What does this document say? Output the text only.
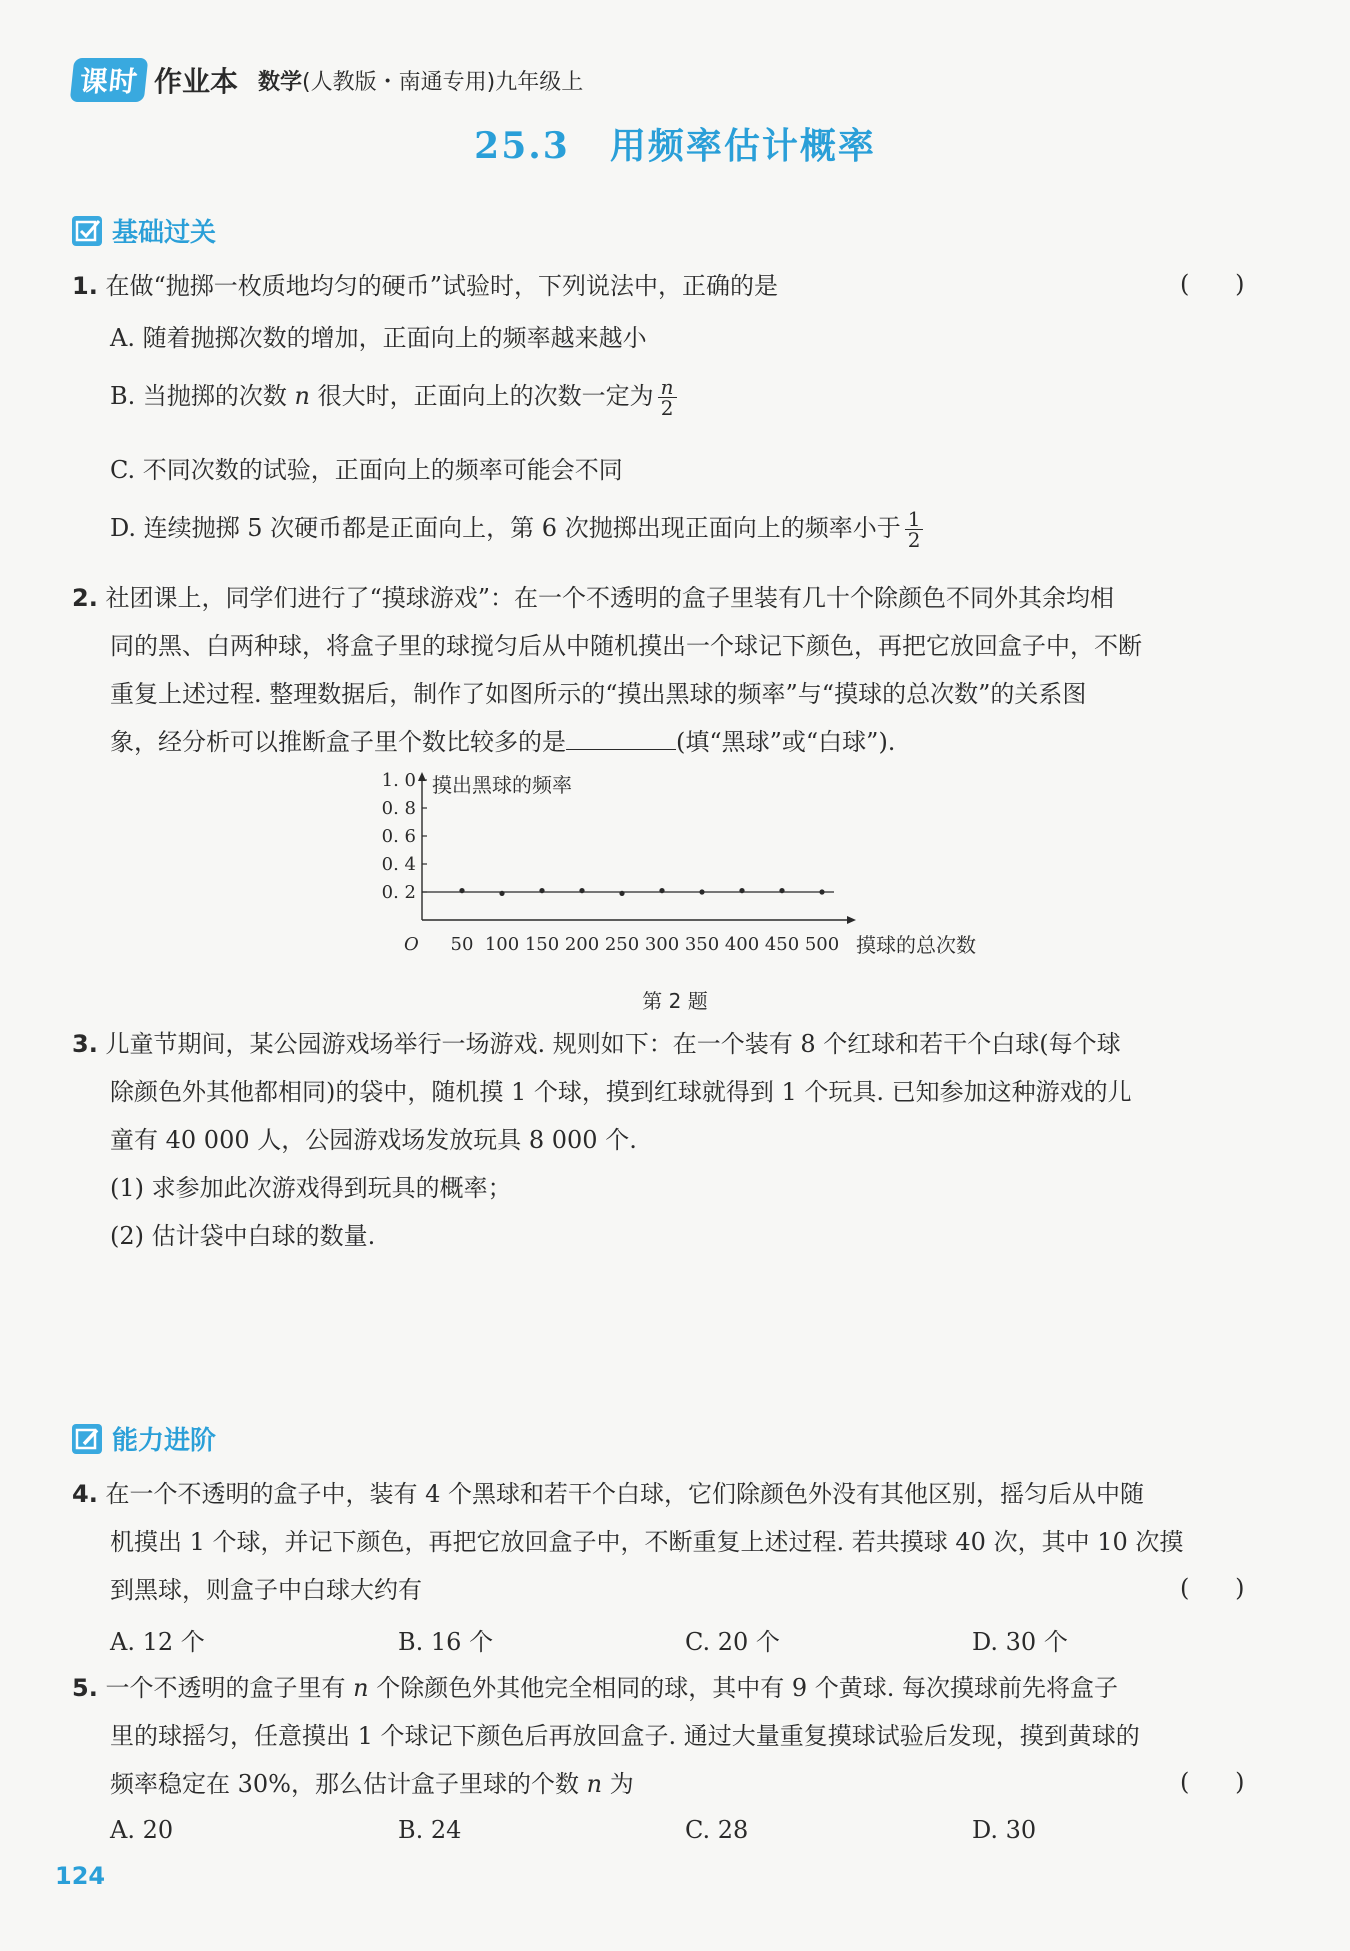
课时 作业本 数学(人教版・南通专用)九年级上
25.3 用频率估计概率
基础过关
1. 在做“抛掷一枚质地均匀的硬币”试验时，下列说法中，正确的是	(      )
A. 随着抛掷次数的增加，正面向上的频率越来越小
B. 当抛掷的次数 n 很大时，正面向上的次数一定为 $\frac{n}{2}$
C. 不同次数的试验，正面向上的频率可能会不同
D. 连续抛掷 5 次硬币都是正面向上，第 6 次抛掷出现正面向上的频率小于 $\frac{1}{2}$
2. 社团课上，同学们进行了“摸球游戏”：在一个不透明的盒子里装有几十个除颜色不同外其余均相
同的黑、白两种球，将盒子里的球搅匀后从中随机摸出一个球记下颜色，再把它放回盒子中，不断
重复上述过程. 整理数据后，制作了如图所示的“摸出黑球的频率”与“摸球的总次数”的关系图
象，经分析可以推断盒子里个数比较多的是	(填“黑球”或“白球”).
0. 2
0. 4
0. 6
0. 8
1. 0
50 100 150 200 250 300 350 400 450 500
O
摸出黑球的频率
摸球的总次数
第 2 题
3. 儿童节期间，某公园游戏场举行一场游戏. 规则如下：在一个装有 8 个红球和若干个白球(每个球
除颜色外其他都相同)的袋中，随机摸 1 个球，摸到红球就得到 1 个玩具. 已知参加这种游戏的儿
童有 40 000 人，公园游戏场发放玩具 8 000 个.
(1) 求参加此次游戏得到玩具的概率；
(2) 估计袋中白球的数量.
能力进阶
4. 在一个不透明的盒子中，装有 4 个黑球和若干个白球，它们除颜色外没有其他区别，摇匀后从中随
机摸出 1 个球，并记下颜色，再把它放回盒子中，不断重复上述过程. 若共摸球 40 次，其中 10 次摸
到黑球，则盒子中白球大约有	(      )
A. 12 个	B. 16 个	C. 20 个	D. 30 个
5. 一个不透明的盒子里有 n 个除颜色外其他完全相同的球，其中有 9 个黄球. 每次摸球前先将盒子
里的球摇匀，任意摸出 1 个球记下颜色后再放回盒子. 通过大量重复摸球试验后发现，摸到黄球的
频率稳定在 30%，那么估计盒子里球的个数 n 为	(      )
A. 20	B. 24	C. 28	D. 30
124
